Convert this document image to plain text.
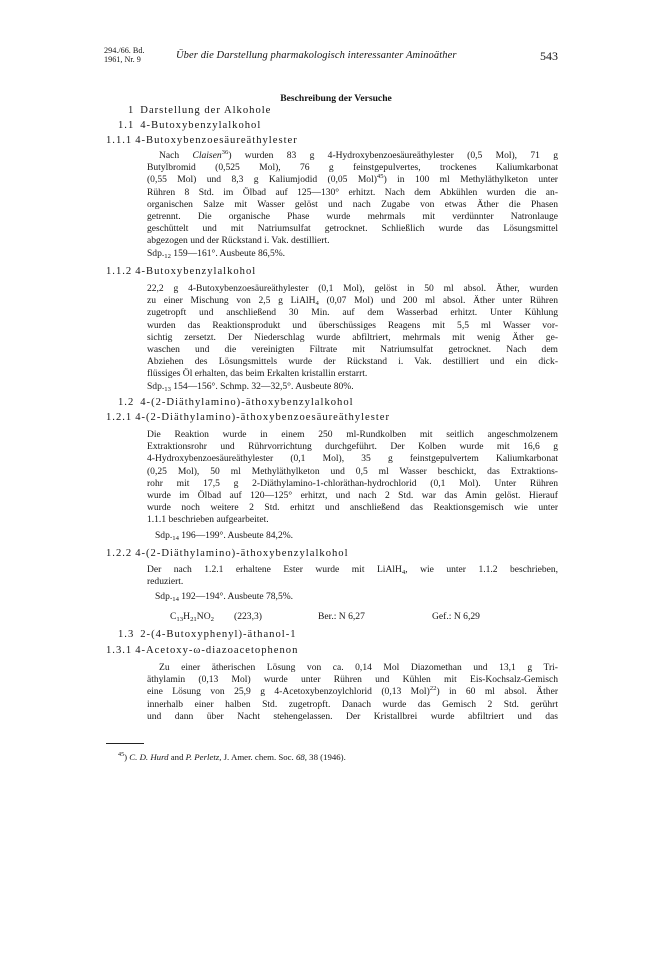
294./66. Bd.
1961, Nr. 9	Über die Darstellung pharmakologisch interessanter Aminoäther	543
Beschreibung der Versuche
1 Darstellung der Alkohole
1.1 4-Butoxybenzylalkohol
1.1.1 4-Butoxybenzoesäureäthylester
Nach Claisen$^{36}$) wurden 83 g 4-Hydroxybenzoesäureäthylester (0,5 Mol), 71 g
Butylbromid (0,525 Mol), 76 g feinstgepulvertes, trockenes Kaliumkarbonat
(0,55 Mol) und 8,3 g Kaliumjodid (0,05 Mol)$^{45}$) in 100 ml Methyläthylketon unter
Rühren 8 Std. im Ölbad auf 125—130° erhitzt. Nach dem Abkühlen wurden die an-
organischen Salze mit Wasser gelöst und nach Zugabe von etwas Äther die Phasen
getrennt. Die organische Phase wurde mehrmals mit verdünnter Natronlauge
geschüttelt und mit Natriumsulfat getrocknet. Schließlich wurde das Lösungsmittel
abgezogen und der Rückstand i. Vak. destilliert.
$Sdp._{12}$ 159—161°. Ausbeute 86,5%.
1.1.2 4-Butoxybenzylalkohol
22,2 g 4-Butoxybenzoesäureäthylester (0,1 Mol), gelöst in 50 ml absol. Äther, wurden
zu einer Mischung von 2,5 g LiAlH$_4$ (0,07 Mol) und 200 ml absol. Äther unter Rühren
zugetropft und anschließend 30 Min. auf dem Wasserbad erhitzt. Unter Kühlung
wurden das Reaktionsprodukt und überschüssiges Reagens mit 5,5 ml Wasser vor-
sichtig zersetzt. Der Niederschlag wurde abfiltriert, mehrmals mit wenig Äther ge-
waschen und die vereinigten Filtrate mit Natriumsulfat getrocknet. Nach dem
Abziehen des Lösungsmittels wurde der Rückstand i. Vak. destilliert und ein dick-
flüssiges Öl erhalten, das beim Erkalten kristallin erstarrt.
$Sdp._{13}$ 154—156°. Schmp. 32—32,5°. Ausbeute 80%.
1.2 4-(2-Diäthylamino)-äthoxybenzylalkohol
1.2.1 4-(2-Diäthylamino)-äthoxybenzoesäureäthylester
Die Reaktion wurde in einem 250 ml-Rundkolben mit seitlich angeschmolzenem
Extraktionsrohr und Rührvorrichtung durchgeführt. Der Kolben wurde mit 16,6 g
4-Hydroxybenzoesäureäthylester (0,1 Mol), 35 g feinstgepulvertem Kaliumkarbonat
(0,25 Mol), 50 ml Methyläthylketon und 0,5 ml Wasser beschickt, das Extraktions-
rohr mit 17,5 g 2-Diäthylamino-1-chloräthan-hydrochlorid (0,1 Mol). Unter Rühren
wurde im Ölbad auf 120—125° erhitzt, und nach 2 Std. war das Amin gelöst. Hierauf
wurde noch weitere 2 Std. erhitzt und anschließend das Reaktionsgemisch wie unter
1.1.1 beschrieben aufgearbeitet.
$Sdp._{14}$ 196—199°. Ausbeute 84,2%.
1.2.2 4-(2-Diäthylamino)-äthoxybenzylalkohol
Der nach 1.2.1 erhaltene Ester wurde mit LiAlH$_4$, wie unter 1.1.2 beschrieben,
reduziert.
$Sdp._{14}$ 192—194°. Ausbeute 78,5%.
$C_{13}H_{21}NO_2$ (223,3)	Ber.: N 6,27	Gef.: N 6,29
1.3 2-(4-Butoxyphenyl)-äthanol-1
1.3.1 4-Acetoxy-ω-diazoacetophenon
Zu einer ätherischen Lösung von ca. 0,14 Mol Diazomethan und 13,1 g Tri-
äthylamin (0,13 Mol) wurde unter Rühren und Kühlen mit Eis-Kochsalz-Gemisch
eine Lösung von 25,9 g 4-Acetoxybenzoylchlorid (0,13 Mol)$^{22}$) in 60 ml absol. Äther
innerhalb einer halben Std. zugetropft. Danach wurde das Gemisch 2 Std. gerührt
und dann über Nacht stehengelassen. Der Kristallbrei wurde abfiltriert und das
$^{45}$) C. D. Hurd and P. Perletz, J. Amer. chem. Soc. 68, 38 (1946).
